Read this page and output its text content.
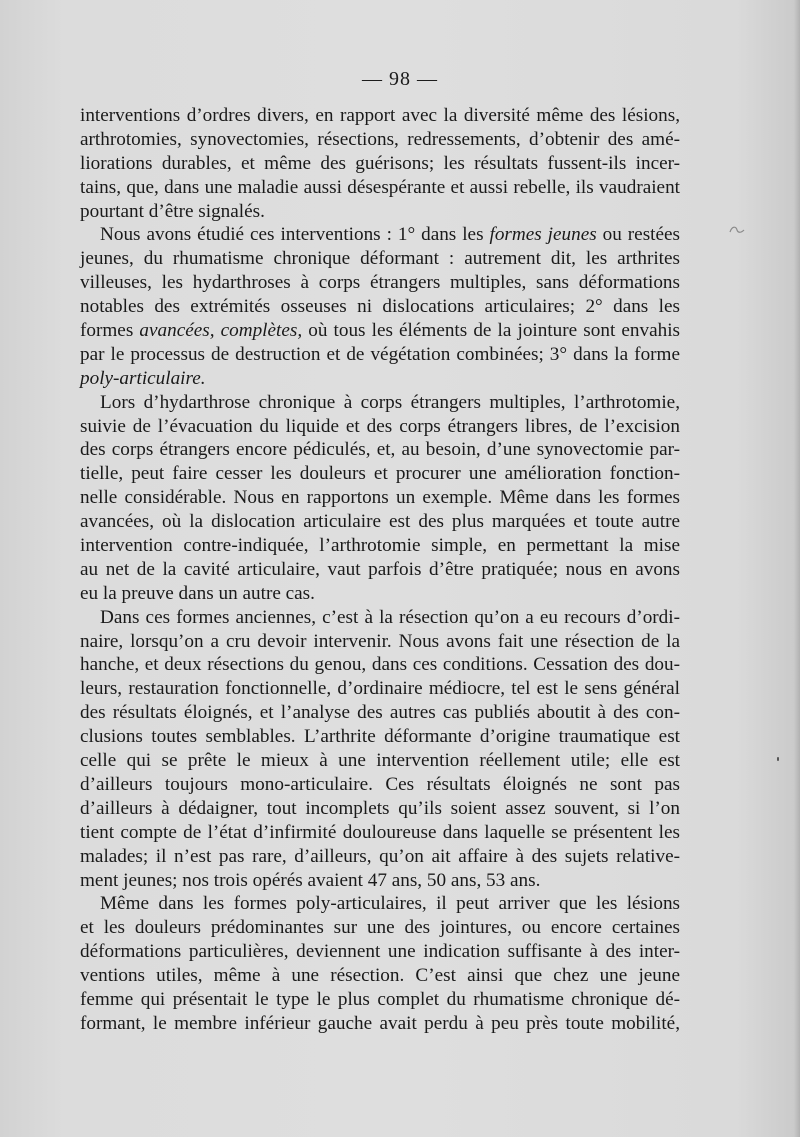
— 98 —
interventions d’ordres divers, en rapport avec la diversité même des lésions,
arthrotomies, synovectomies, résections, redressements, d’obtenir des amé-
liorations durables, et même des guérisons; les résultats fussent-ils incer-
tains, que, dans une maladie aussi désespérante et aussi rebelle, ils vaudraient
pourtant d’être signalés.
Nous avons étudié ces interventions : 1° dans les formes jeunes ou restées
jeunes, du rhumatisme chronique déformant : autrement dit, les arthrites
villeuses, les hydarthroses à corps étrangers multiples, sans déformations
notables des extrémités osseuses ni dislocations articulaires; 2° dans les
formes avancées, complètes, où tous les éléments de la jointure sont envahis
par le processus de destruction et de végétation combinées; 3° dans la forme
poly-articulaire.
Lors d’hydarthrose chronique à corps étrangers multiples, l’arthrotomie,
suivie de l’évacuation du liquide et des corps étrangers libres, de l’excision
des corps étrangers encore pédiculés, et, au besoin, d’une synovectomie par-
tielle, peut faire cesser les douleurs et procurer une amélioration fonction-
nelle considérable. Nous en rapportons un exemple. Même dans les formes
avancées, où la dislocation articulaire est des plus marquées et toute autre
intervention contre-indiquée, l’arthrotomie simple, en permettant la mise
au net de la cavité articulaire, vaut parfois d’être pratiquée; nous en avons
eu la preuve dans un autre cas.
Dans ces formes anciennes, c’est à la résection qu’on a eu recours d’ordi-
naire, lorsqu’on a cru devoir intervenir. Nous avons fait une résection de la
hanche, et deux résections du genou, dans ces conditions. Cessation des dou-
leurs, restauration fonctionnelle, d’ordinaire médiocre, tel est le sens général
des résultats éloignés, et l’analyse des autres cas publiés aboutit à des con-
clusions toutes semblables. L’arthrite déformante d’origine traumatique est
celle qui se prête le mieux à une intervention réellement utile; elle est
d’ailleurs toujours mono-articulaire. Ces résultats éloignés ne sont pas
d’ailleurs à dédaigner, tout incomplets qu’ils soient assez souvent, si l’on
tient compte de l’état d’infirmité douloureuse dans laquelle se présentent les
malades; il n’est pas rare, d’ailleurs, qu’on ait affaire à des sujets relative-
ment jeunes; nos trois opérés avaient 47 ans, 50 ans, 53 ans.
Même dans les formes poly-articulaires, il peut arriver que les lésions
et les douleurs prédominantes sur une des jointures, ou encore certaines
déformations particulières, deviennent une indication suffisante à des inter-
ventions utiles, même à une résection. C’est ainsi que chez une jeune
femme qui présentait le type le plus complet du rhumatisme chronique dé-
formant, le membre inférieur gauche avait perdu à peu près toute mobilité,
